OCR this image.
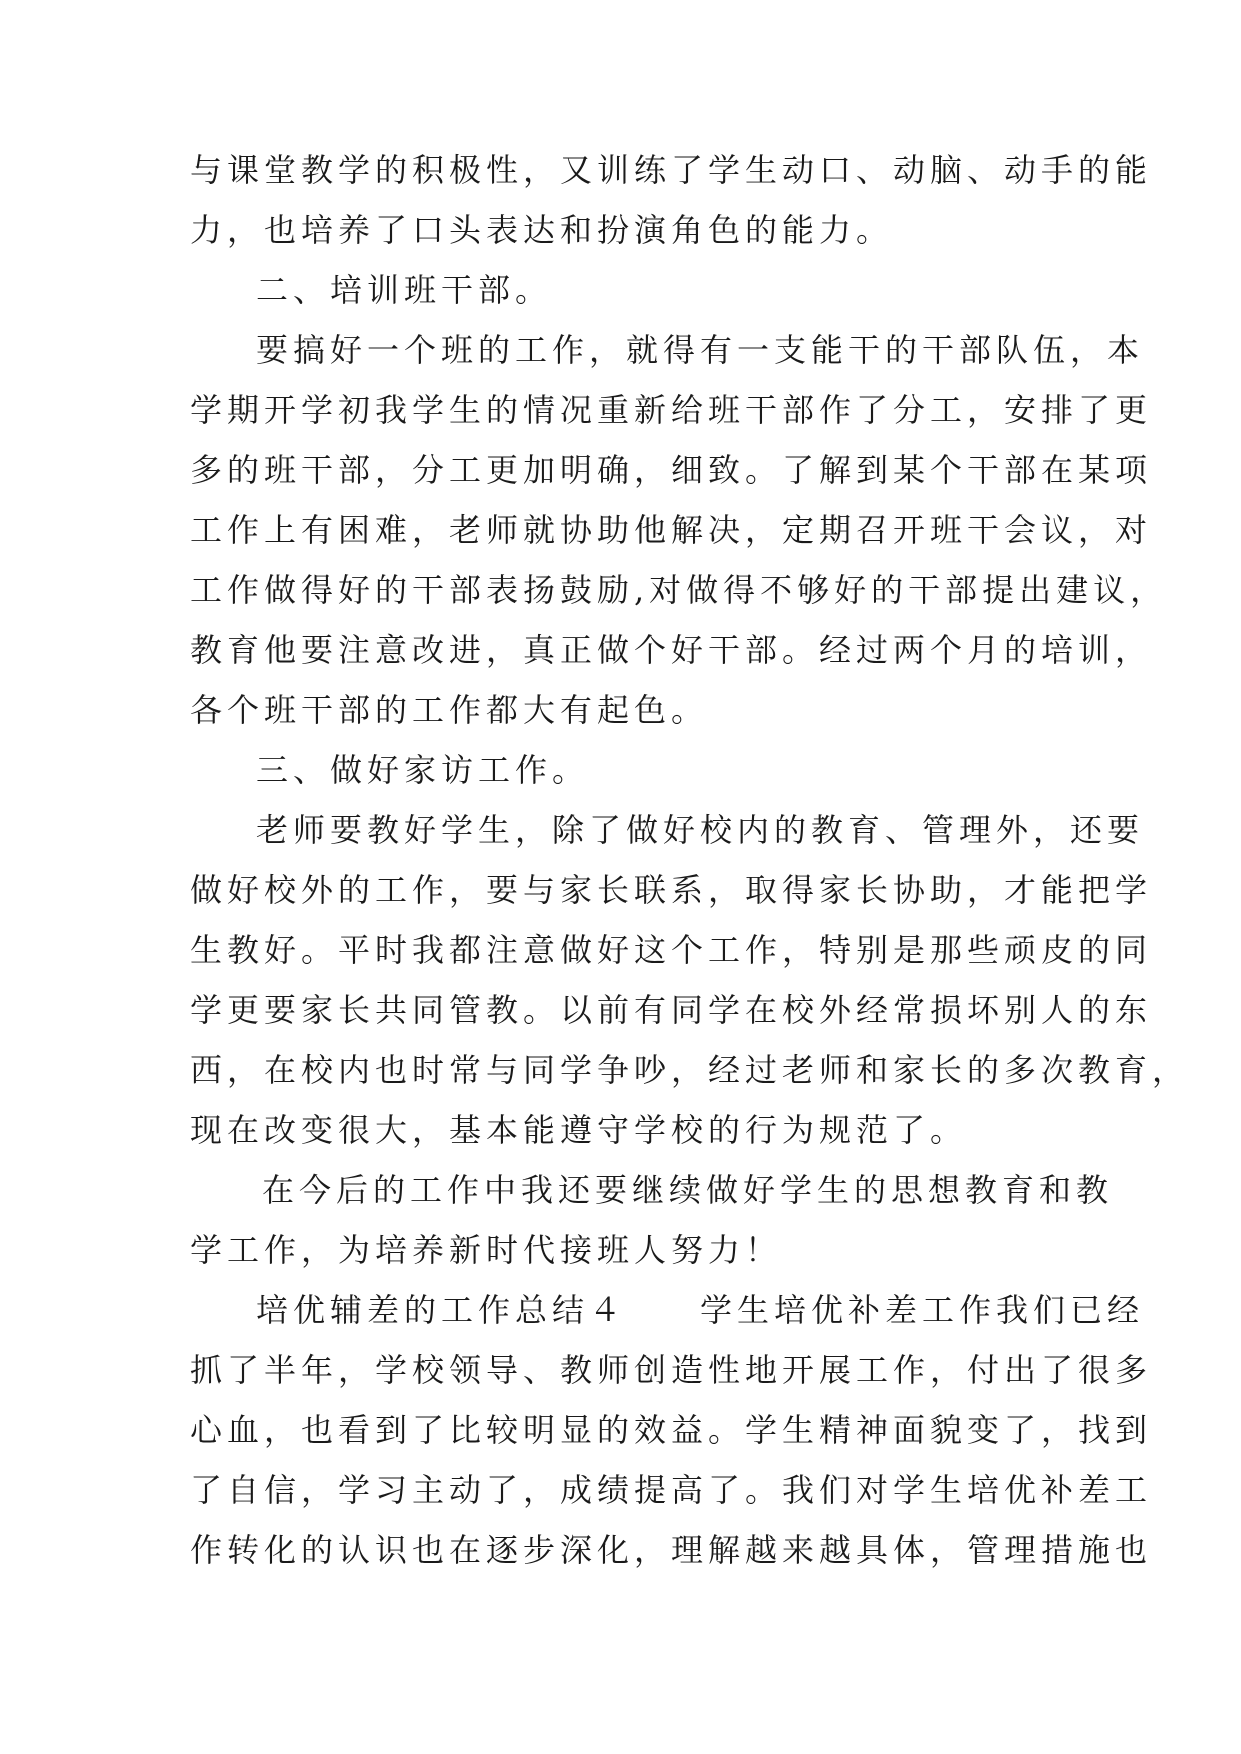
与课堂教学的积极性，又训练了学生动口、动脑、动手的能
力，也培养了口头表达和扮演角色的能力。
二、培训班干部。
要搞好一个班的工作，就得有一支能干的干部队伍，本
学期开学初我学生的情况重新给班干部作了分工，安排了更
多的班干部，分工更加明确，细致。了解到某个干部在某项
工作上有困难，老师就协助他解决，定期召开班干会议，对
工作做得好的干部表扬鼓励,对做得不够好的干部提出建议，
教育他要注意改进，真正做个好干部。经过两个月的培训，
各个班干部的工作都大有起色。
三、做好家访工作。
老师要教好学生，除了做好校内的教育、管理外，还要
做好校外的工作，要与家长联系，取得家长协助，才能把学
生教好。平时我都注意做好这个工作，特别是那些顽皮的同
学更要家长共同管教。以前有同学在校外经常损坏别人的东
西，在校内也时常与同学争吵，经过老师和家长的多次教育，
现在改变很大，基本能遵守学校的行为规范了。
在今后的工作中我还要继续做好学生的思想教育和教
学工作，为培养新时代接班人努力！
培优辅差的工作总结４　　学生培优补差工作我们已经
抓了半年，学校领导、教师创造性地开展工作，付出了很多
心血，也看到了比较明显的效益。学生精神面貌变了，找到
了自信，学习主动了，成绩提高了。我们对学生培优补差工
作转化的认识也在逐步深化，理解越来越具体，管理措施也
